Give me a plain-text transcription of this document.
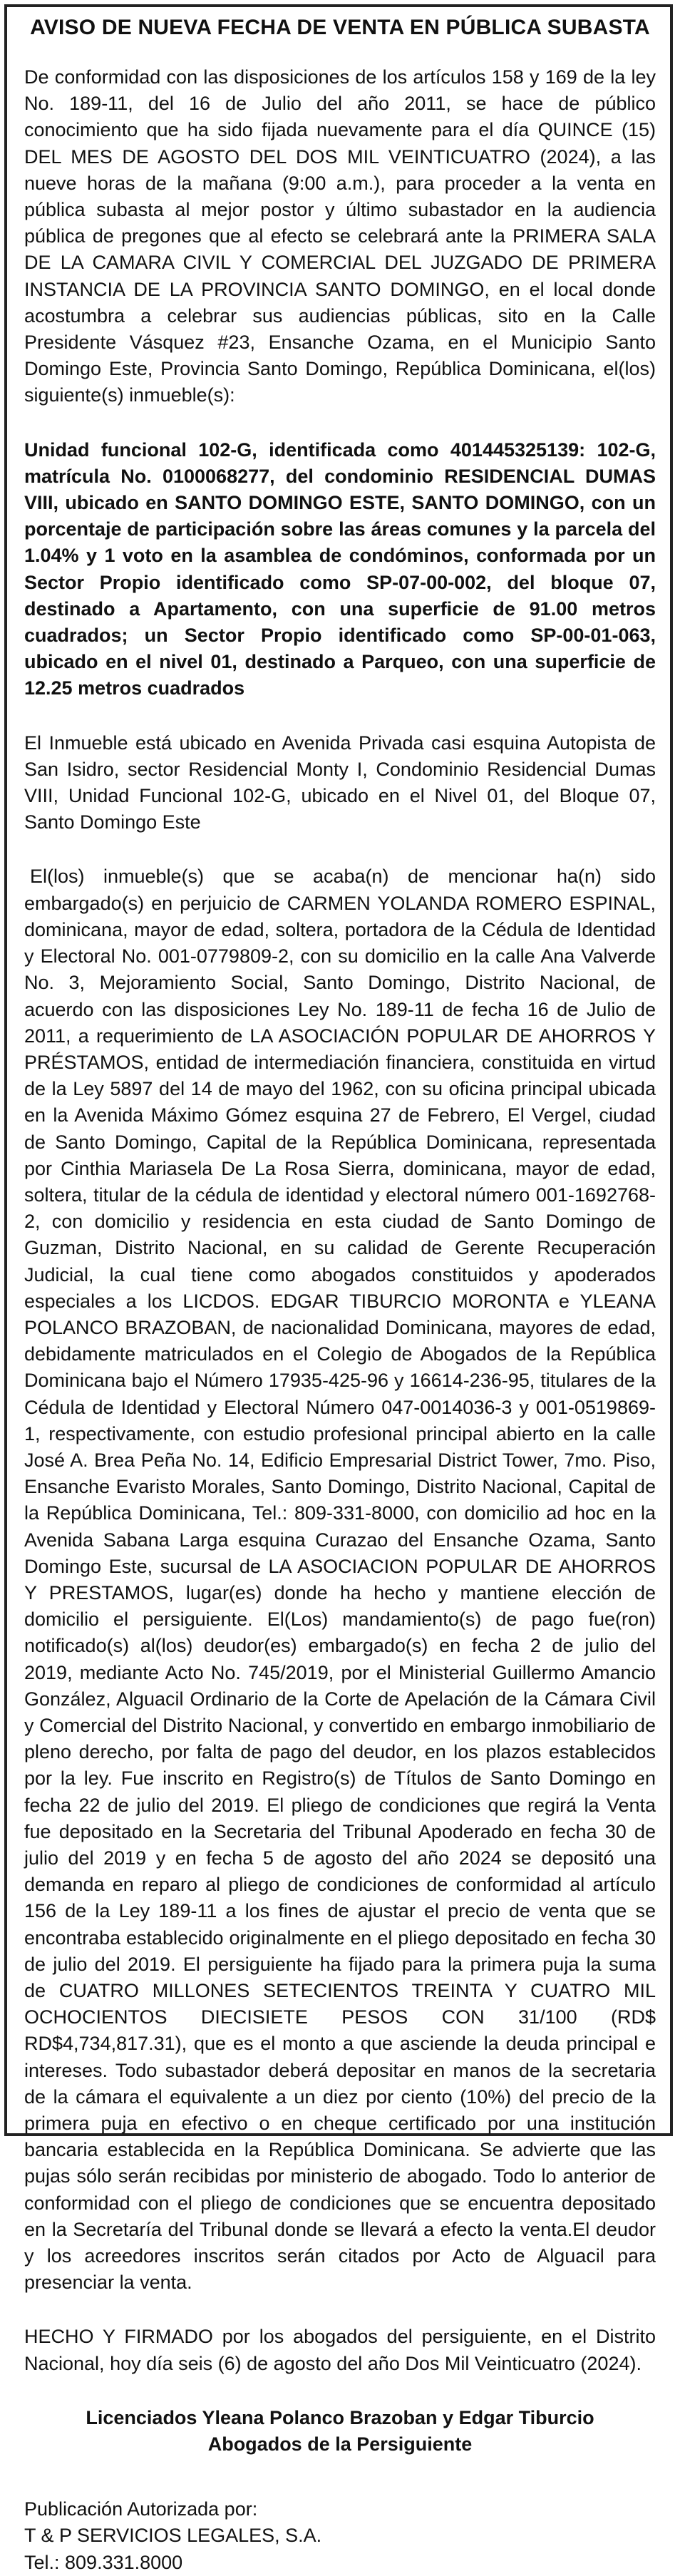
AVISO DE NUEVA FECHA DE VENTA EN PÚBLICA SUBASTA

De conformidad con las disposiciones de los artículos 158 y 169 de la ley No. 189-11, del 16 de Julio del año 2011, se hace de público conocimiento que ha sido fijada nuevamente para el día QUINCE (15) DEL MES DE AGOSTO DEL DOS MIL VEINTICUATRO (2024), a las nueve horas de la mañana (9:00 a.m.), para proceder a la venta en pública subasta al mejor postor y último subastador en la audiencia pública de pregones que al efecto se celebrará ante la PRIMERA SALA DE LA CAMARA CIVIL Y COMERCIAL DEL JUZGADO DE PRIMERA INSTANCIA DE LA PROVINCIA SANTO DOMINGO, en el local donde acostumbra a celebrar sus audiencias públicas, sito en la Calle Presidente Vásquez #23, Ensanche Ozama, en el Municipio Santo Domingo Este, Provincia Santo Domingo, República Dominicana, el(los) siguiente(s) inmueble(s):

Unidad funcional 102-G, identificada como 401445325139: 102-G, matrícula No. 0100068277, del condominio RESIDENCIAL DUMAS VIII, ubicado en SANTO DOMINGO ESTE, SANTO DOMINGO, con un porcentaje de participación sobre las áreas comunes y la parcela del 1.04% y 1 voto en la asamblea de condóminos, conformada por un Sector Propio identificado como SP-07-00-002, del bloque 07, destinado a Apartamento, con una superficie de 91.00 metros cuadrados; un Sector Propio identificado como SP-00-01-063, ubicado en el nivel 01, destinado a Parqueo, con una superficie de 12.25 metros cuadrados

El Inmueble está ubicado en Avenida Privada casi esquina Autopista de San Isidro, sector Residencial Monty I, Condominio Residencial Dumas VIII, Unidad Funcional 102-G, ubicado en el Nivel 01, del Bloque 07, Santo Domingo Este

El(los) inmueble(s) que se acaba(n) de mencionar ha(n) sido embargado(s) en perjuicio de CARMEN YOLANDA ROMERO ESPINAL, dominicana, mayor de edad, soltera, portadora de la Cédula de Identidad y Electoral No. 001-0779809-2, con su domicilio en la calle Ana Valverde No. 3, Mejoramiento Social, Santo Domingo, Distrito Nacional, de acuerdo con las disposiciones Ley No. 189-11 de fecha 16 de Julio de 2011, a requerimiento de LA ASOCIACIÓN POPULAR DE AHORROS Y PRÉSTAMOS, entidad de intermediación financiera, constituida en virtud de la Ley 5897 del 14 de mayo del 1962, con su oficina principal ubicada en la Avenida Máximo Gómez esquina 27 de Febrero, El Vergel, ciudad de Santo Domingo, Capital de la República Dominicana, representada por Cinthia Mariasela De La Rosa Sierra, dominicana, mayor de edad, soltera, titular de la cédula de identidad y electoral número 001-1692768-2, con domicilio y residencia en esta ciudad de Santo Domingo de Guzman, Distrito Nacional, en su calidad de Gerente Recuperación Judicial, la cual tiene como abogados constituidos y apoderados especiales a los LICDOS. EDGAR TIBURCIO MORONTA e YLEANA POLANCO BRAZOBAN, de nacionalidad Dominicana, mayores de edad, debidamente matriculados en el Colegio de Abogados de la República Dominicana bajo el Número 17935-425-96 y 16614-236-95, titulares de la Cédula de Identidad y Electoral Número 047-0014036-3 y 001-0519869-1, respectivamente, con estudio profesional principal abierto en la calle José A. Brea Peña No. 14, Edificio Empresarial District Tower, 7mo. Piso, Ensanche Evaristo Morales, Santo Domingo, Distrito Nacional, Capital de la República Dominicana, Tel.: 809-331-8000, con domicilio ad hoc en la Avenida Sabana Larga esquina Curazao del Ensanche Ozama, Santo Domingo Este, sucursal de LA ASOCIACION POPULAR DE AHORROS Y PRESTAMOS, lugar(es) donde ha hecho y mantiene elección de domicilio el persiguiente. El(Los) mandamiento(s) de pago fue(ron) notificado(s) al(los) deudor(es) embargado(s) en fecha 2 de julio del 2019, mediante Acto No. 745/2019, por el Ministerial Guillermo Amancio González, Alguacil Ordinario de la Corte de Apelación de la Cámara Civil y Comercial del Distrito Nacional, y convertido en embargo inmobiliario de pleno derecho, por falta de pago del deudor, en los plazos establecidos por la ley. Fue inscrito en Registro(s) de Títulos de Santo Domingo en fecha 22 de julio del 2019. El pliego de condiciones que regirá la Venta fue depositado en la Secretaria del Tribunal Apoderado en fecha 30 de julio del 2019 y en fecha 5 de agosto del año 2024 se depositó una demanda en reparo al pliego de condiciones de conformidad al artículo 156 de la Ley 189-11 a los fines de ajustar el precio de venta que se encontraba establecido originalmente en el pliego depositado en fecha 30 de julio del 2019. El persiguiente ha fijado para la primera puja la suma de CUATRO MILLONES SETECIENTOS TREINTA Y CUATRO MIL OCHOCIENTOS DIECISIETE PESOS CON 31/100 (RD$ RD$4,734,817.31), que es el monto a que asciende la deuda principal e intereses. Todo subastador deberá depositar en manos de la secretaria de la cámara el equivalente a un diez por ciento (10%) del precio de la primera puja en efectivo o en cheque certificado por una institución bancaria establecida en la República Dominicana. Se advierte que las pujas sólo serán recibidas por ministerio de abogado. Todo lo anterior de conformidad con el pliego de condiciones que se encuentra depositado en la Secretaría del Tribunal donde se llevará a efecto la venta.El deudor y los acreedores inscritos serán citados por Acto de Alguacil para presenciar la venta.

HECHO Y FIRMADO por los abogados del persiguiente, en el Distrito Nacional, hoy día seis (6) de agosto del año Dos Mil Veinticuatro (2024).

Licenciados Yleana Polanco Brazoban y Edgar Tiburcio
Abogados de la Persiguiente
Publicación Autorizada por:
T & P SERVICIOS LEGALES, S.A.
Tel.: 809.331.8000
